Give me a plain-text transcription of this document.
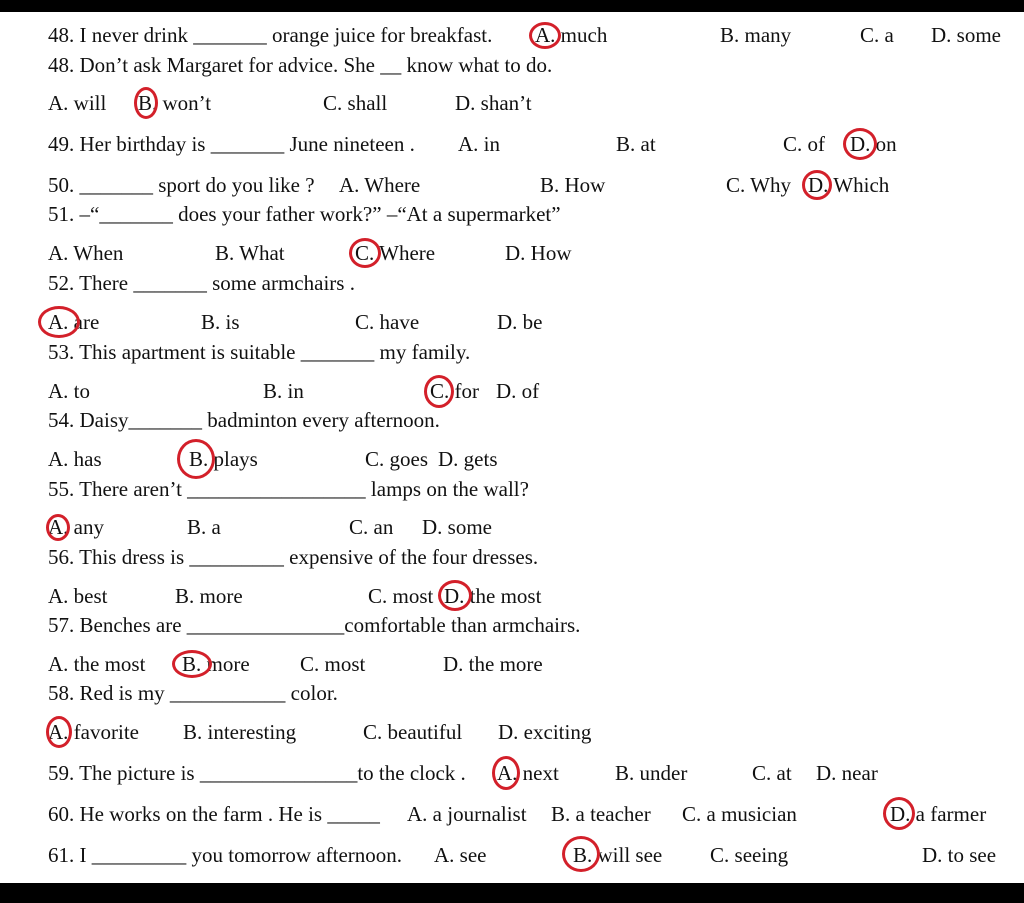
48. I never drink _______ orange juice for breakfast. A. much	B. many	C. a D. some
48. Don’t ask Margaret for advice. She __ know what to do.
A. will B. won’t	C. shall	D. shan’t
49. Her birthday is _______ June nineteen . A. in	B. at	C. of D. on
50. _______ sport do you like ? A. Where	B. How	C. Why D. Which
51. –“_______ does your father work?” –“At a supermarket”
A. When	B. What	C. Where	D. How
52. There _______ some armchairs .
A. are	B. is	C. have	D. be
53. This apartment is suitable _______ my family.
A. to	B. in	C. for D. of
54. Daisy_______ badminton every afternoon.
A. has	B. plays	C. goes D. gets
55. There aren’t _________________ lamps on the wall?
A. any	B. a	C. an D. some
56. This dress is _________ expensive of the four dresses.
A. best	B. more	C. most D. the most
57. Benches are _______________comfortable than armchairs.
A. the most B. more C. most	D. the more
58. Red is my ___________ color.
A. favorite B. interesting	C. beautiful D. exciting
59. The picture is _______________to the clock . A. next	B. under	C. at D. near
60. He works on the farm . He is _____ A. a journalist B. a teacher C. a musician	D. a farmer
61. I _________ you tomorrow afternoon. A. see	B. will see C. seeing	D. to see
